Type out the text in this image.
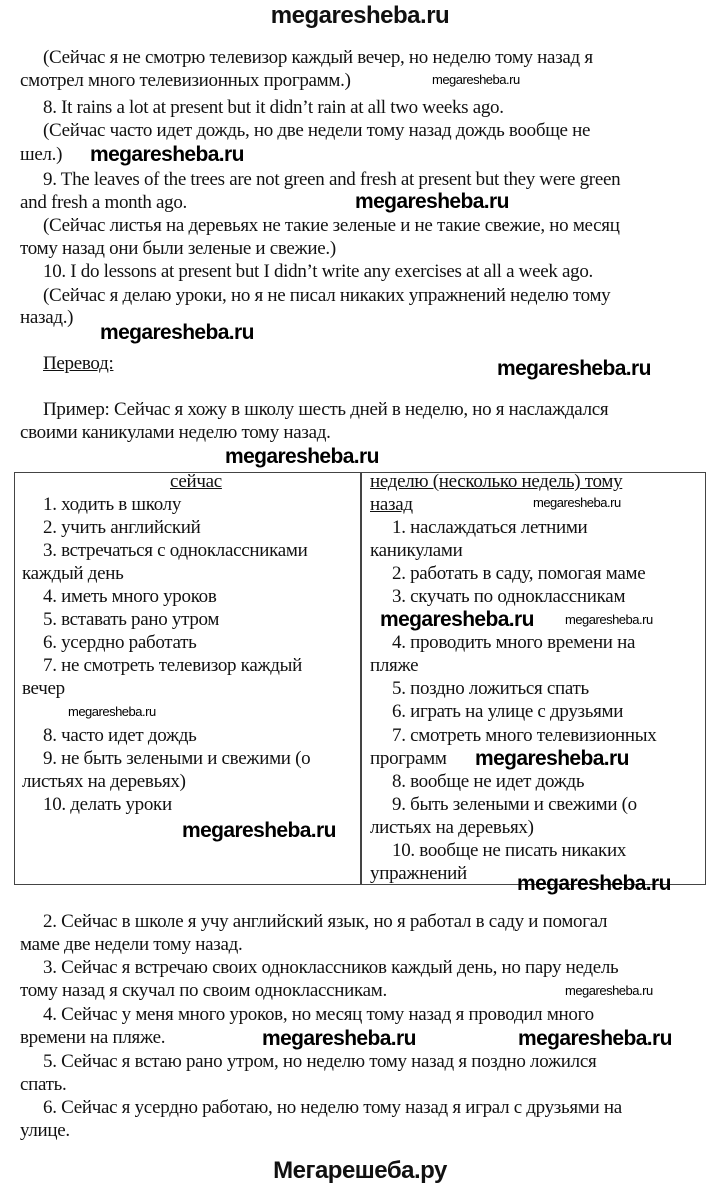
megaresheba.ru
(Сейчас я не смотрю телевизор каждый вечер, но неделю тому назад я
смотрел много телевизионных программ.)
8. It rains a lot at present but it didn’t rain at all two weeks ago.
(Сейчас часто идет дождь, но две недели тому назад дождь вообще не
шел.)
9. The leaves of the trees are not green and fresh at present but they were green
and fresh a month ago.
(Сейчас листья на деревьях не такие зеленые и не такие свежие, но месяц
тому назад они были зеленые и свежие.)
10. I do lessons at present but I didn’t write any exercises at all a week ago.
(Сейчас я делаю уроки, но я не писал никаких упражнений неделю тому
назад.)
Перевод:
Пример: Сейчас я хожу в школу шесть дней в неделю, но я наслаждался
своими каникулами неделю тому назад.
сейчас
1. ходить в школу
2. учить английский
3. встречаться с одноклассниками
каждый день
4. иметь много уроков
5. вставать рано утром
6. усердно работать
7. не смотреть телевизор каждый
вечер
8. часто идет дождь
9. не быть зелеными и свежими (о
листьях на деревьях)
10. делать уроки
неделю (несколько недель) тому
назад
1. наслаждаться летними
каникулами
2. работать в саду, помогая маме
3. скучать по одноклассникам
4. проводить много времени на
пляже
5. поздно ложиться спать
6. играть на улице с друзьями
7. смотреть много телевизионных
программ
8. вообще не идет дождь
9. быть зелеными и свежими (о
листьях на деревьях)
10. вообще не писать никаких
упражнений
2. Сейчас в школе я учу английский язык, но я работал в саду и помогал
маме две недели тому назад.
3. Сейчас я встречаю своих одноклассников каждый день, но пару недель
тому назад я скучал по своим одноклассникам.
4. Сейчас у меня много уроков, но месяц тому назад я проводил много
времени на пляже.
5. Сейчас я встаю рано утром, но неделю тому назад я поздно ложился
спать.
6. Сейчас я усердно работаю, но неделю тому назад я играл с друзьями на
улице.
megaresheba.ru
megaresheba.ru
megaresheba.ru
megaresheba.ru
megaresheba.ru
megaresheba.ru
megaresheba.ru
megaresheba.ru
megaresheba.ru megaresheba.ru
megaresheba.ru
megaresheba.ru
megaresheba.ru
megaresheba.ru
megaresheba.ru	megaresheba.ru
Мегарешеба.ру
